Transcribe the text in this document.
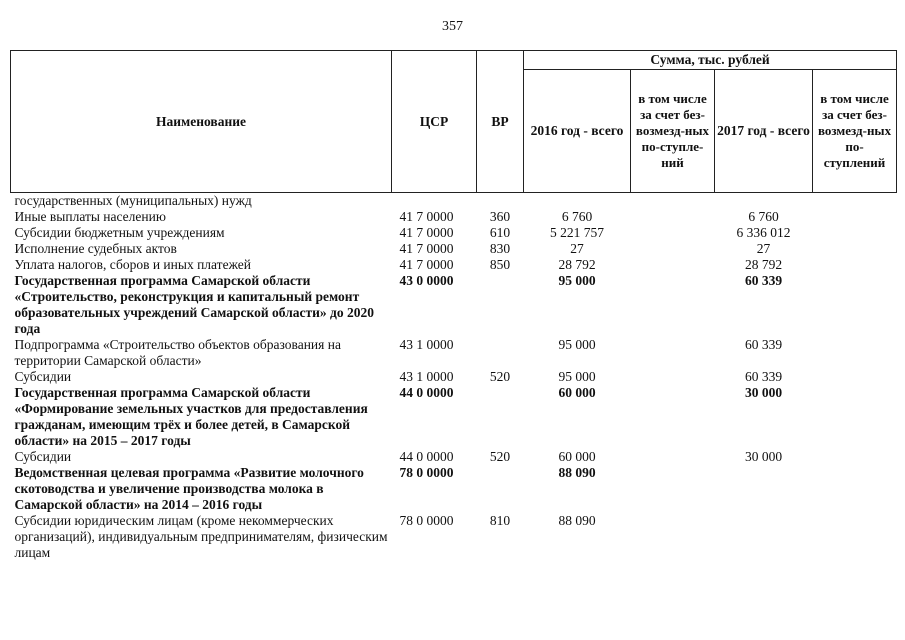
357
Наименование	ЦСР	ВР	Сумма, тыс. рублей			
			2016 год - всего	в том числе за счет без-возмезд-ных по-ступле-ний	2017 год - всего	в том числе за счет без-возмезд-ных по-ступлений
государственных (муниципальных) нужд						
Иные выплаты населению	41 7 0000	360	6 760		6 760	
Субсидии бюджетным учреждениям	41 7 0000	610	5 221 757		6 336 012	
Исполнение судебных актов	41 7 0000	830	27		27	
Уплата налогов, сборов и иных платежей	41 7 0000	850	28 792		28 792	
Государственная программа Самарской области «Строительство, реконструкция и капитальный ремонт образовательных учреждений Самарской области» до 2020 года	43 0 0000		95 000		60 339	
Подпрограмма «Строительство объектов образования на территории Самарской области»	43 1 0000		95 000		60 339	
Субсидии	43 1 0000	520	95 000		60 339	
Государственная программа Самарской области «Формирование земельных участков для предоставления гражданам, имеющим трёх и более детей, в Самарской области» на 2015 – 2017 годы	44 0 0000		60 000		30 000	
Субсидии	44 0 0000	520	60 000		30 000	
Ведомственная целевая программа «Развитие молочного скотоводства и увеличение производства молока в Самарской области» на 2014 – 2016 годы	78 0 0000		88 090			
Субсидии юридическим лицам (кроме некоммерческих организаций), индивидуальным предпринимателям, физическим лицам	78 0 0000	810	88 090			
